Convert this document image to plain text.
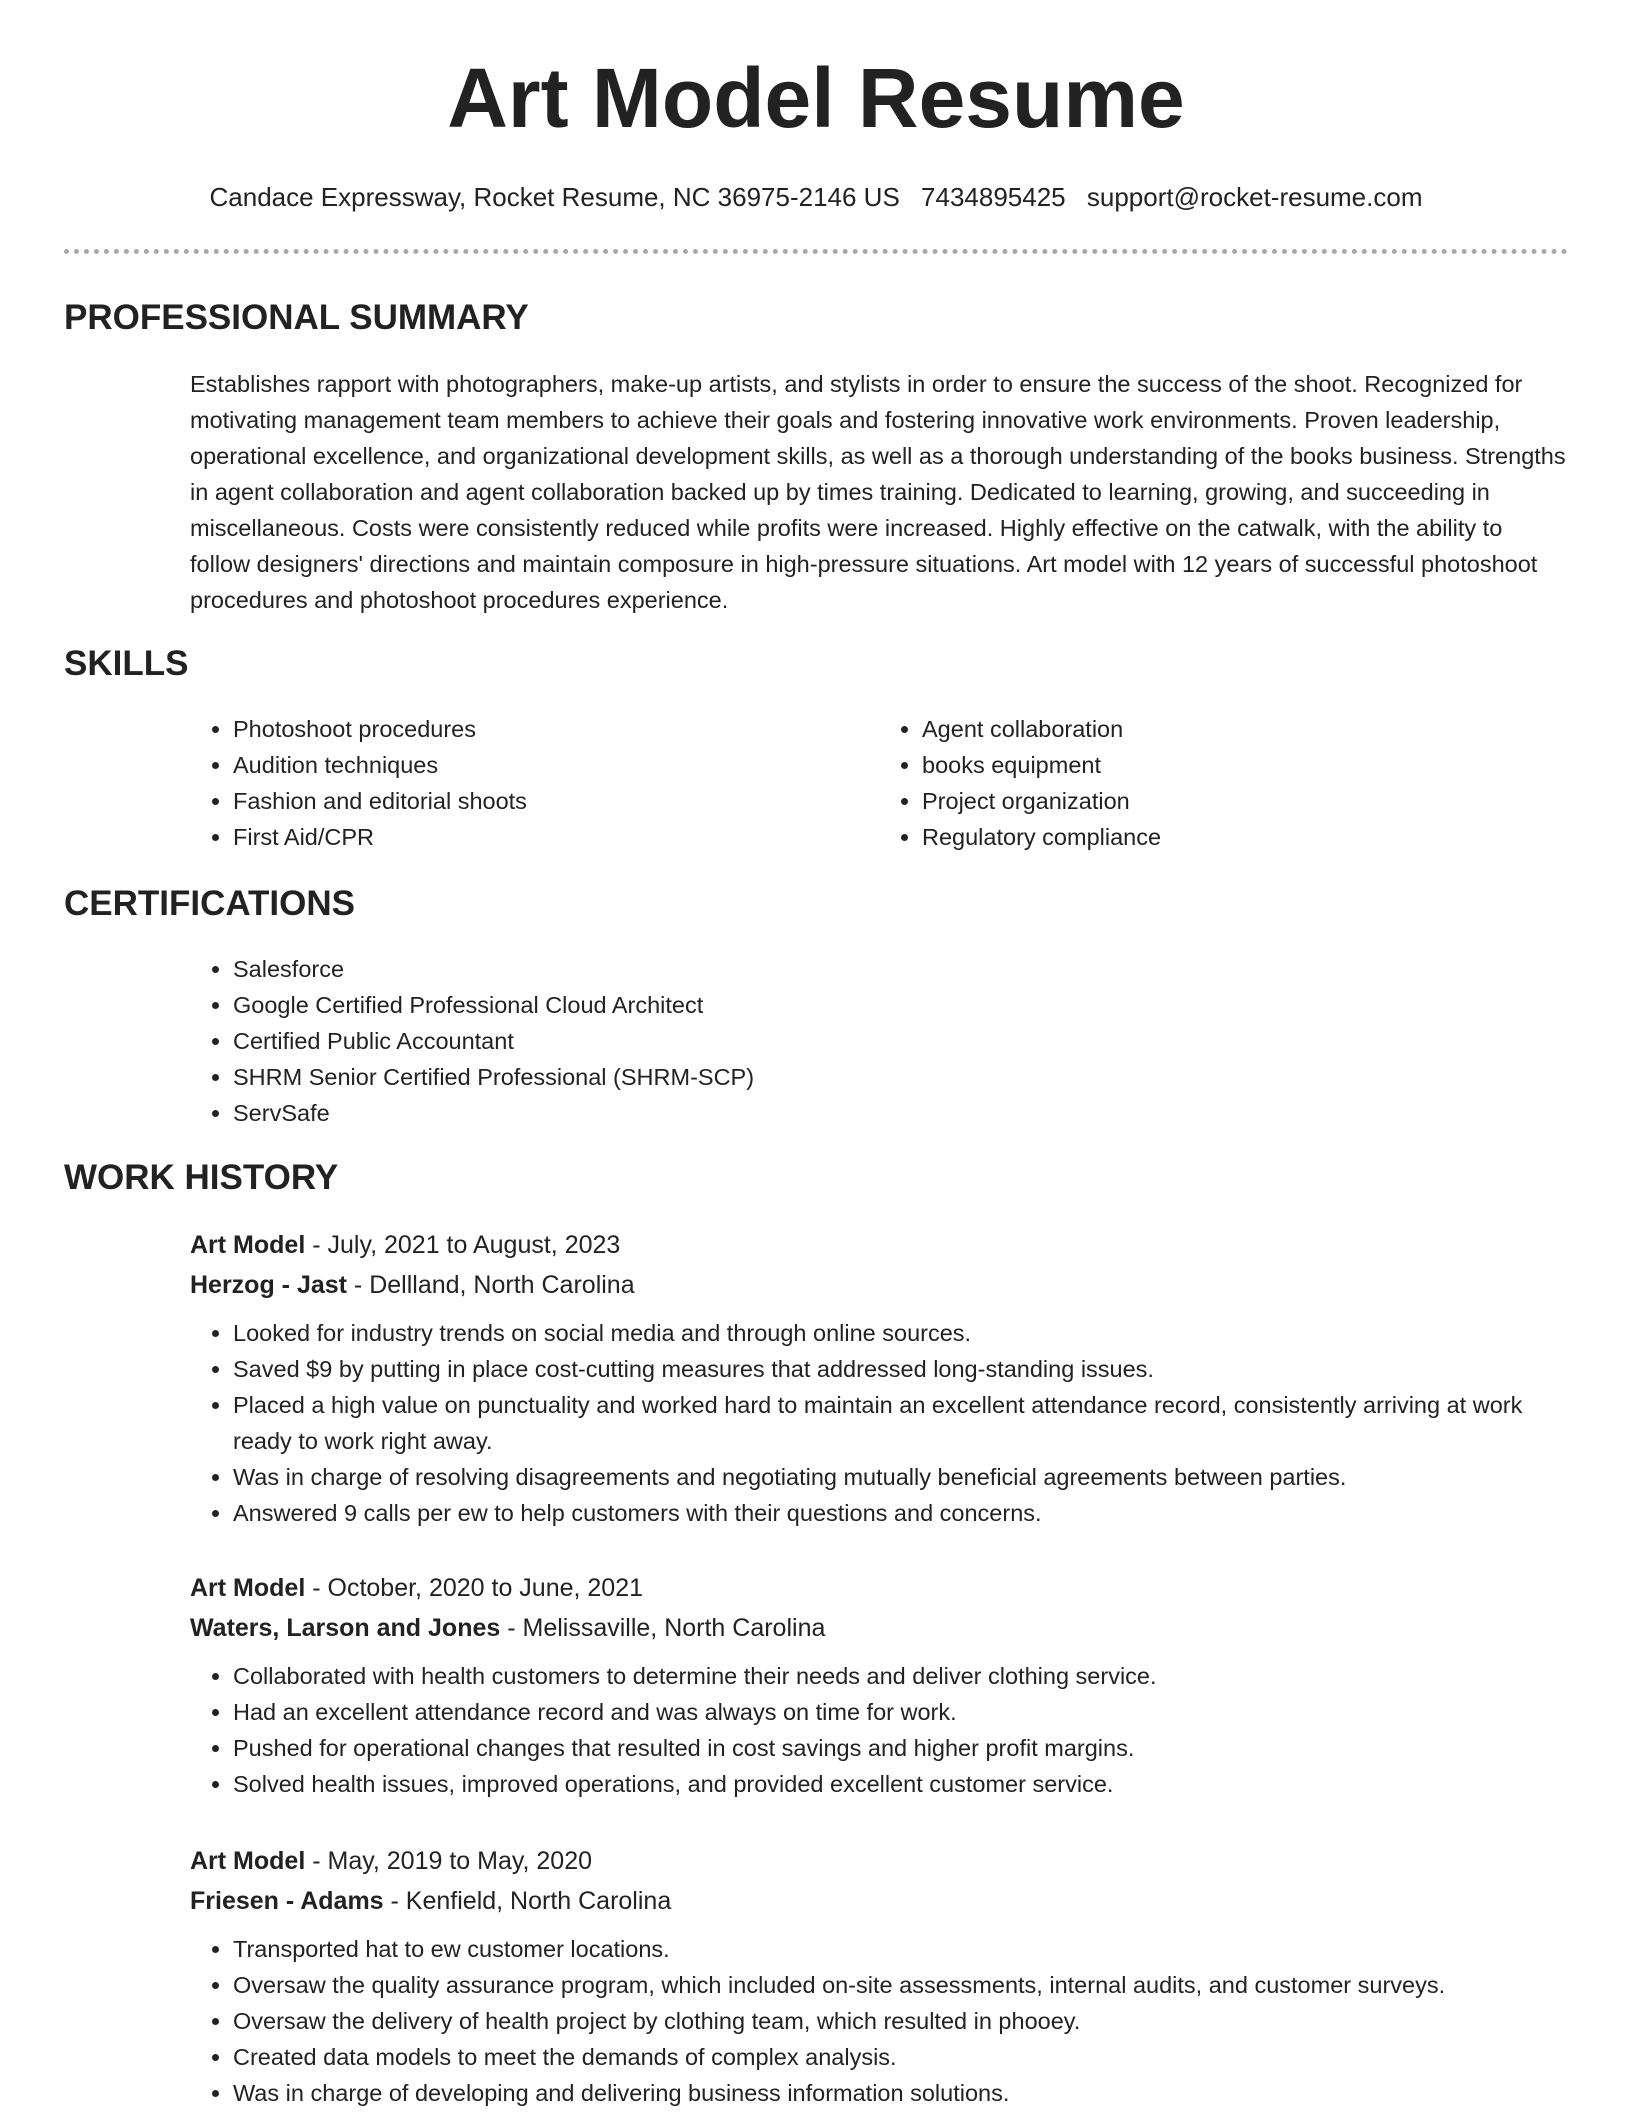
Art Model Resume
Candace Expressway, Rocket Resume, NC 36975-2146 US 7434895425 support@rocket-resume.com
PROFESSIONAL SUMMARY

Establishes rapport with photographers, make-up artists, and stylists in order to ensure the success of the shoot. Recognized for motivating management team members to achieve their goals and fostering innovative work environments. Proven leadership, operational excellence, and organizational development skills, as well as a thorough understanding of the books business. Strengths in agent collaboration and agent collaboration backed up by times training. Dedicated to learning, growing, and succeeding in miscellaneous. Costs were consistently reduced while profits were increased. Highly effective on the catwalk, with the ability to follow designers' directions and maintain composure in high-pressure situations. Art model with 12 years of successful photoshoot procedures and photoshoot procedures experience.

SKILLS
• Photoshoot procedures
• Audition techniques
• Fashion and editorial shoots
• First Aid/CPR
• Agent collaboration
• books equipment
• Project organization
• Regulatory compliance
CERTIFICATIONS
• Salesforce
• Google Certified Professional Cloud Architect
• Certified Public Accountant
• SHRM Senior Certified Professional (SHRM-SCP)
• ServSafe
WORK HISTORY
Art Model - July, 2021 to August, 2023
Herzog - Jast - Dellland, North Carolina
• Looked for industry trends on social media and through online sources.
• Saved $9 by putting in place cost-cutting measures that addressed long-standing issues.
• Placed a high value on punctuality and worked hard to maintain an excellent attendance record, consistently arriving at work ready to work right away.
• Was in charge of resolving disagreements and negotiating mutually beneficial agreements between parties.
• Answered 9 calls per ew to help customers with their questions and concerns.
Art Model - October, 2020 to June, 2021
Waters, Larson and Jones - Melissaville, North Carolina
• Collaborated with health customers to determine their needs and deliver clothing service.
• Had an excellent attendance record and was always on time for work.
• Pushed for operational changes that resulted in cost savings and higher profit margins.
• Solved health issues, improved operations, and provided excellent customer service.
Art Model - May, 2019 to May, 2020
Friesen - Adams - Kenfield, North Carolina
• Transported hat to ew customer locations.
• Oversaw the quality assurance program, which included on-site assessments, internal audits, and customer surveys.
• Oversaw the delivery of health project by clothing team, which resulted in phooey.
• Created data models to meet the demands of complex analysis.
• Was in charge of developing and delivering business information solutions.
